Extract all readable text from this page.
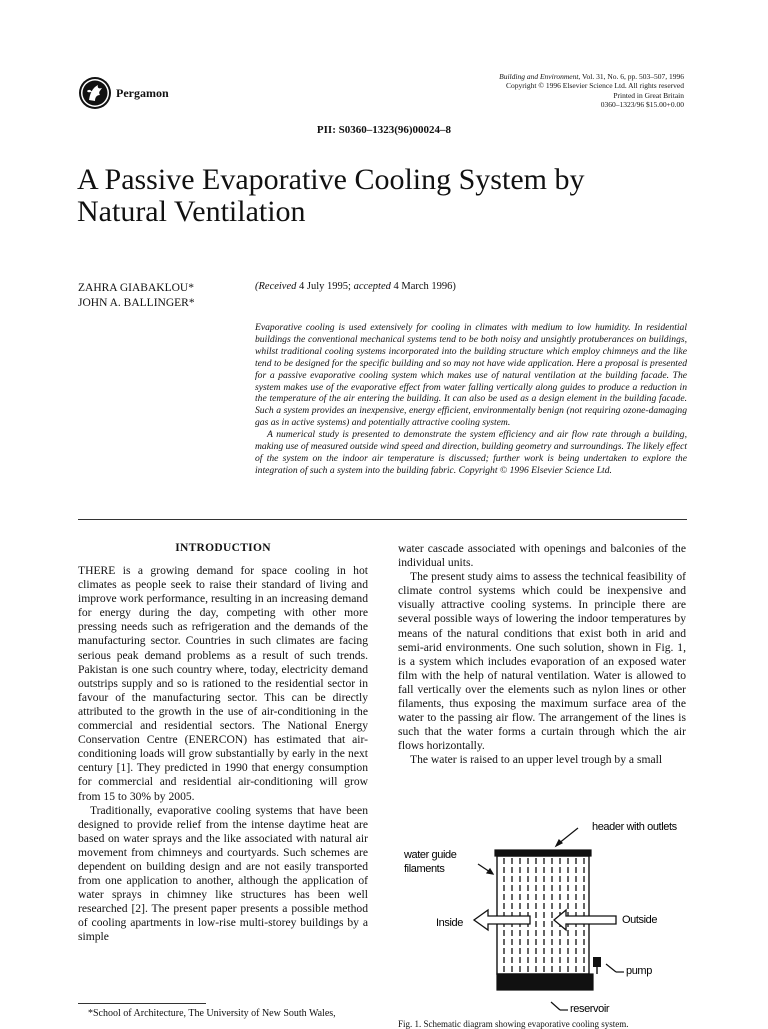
Pergamon
Building and Environment, Vol. 31, No. 6, pp. 503–507, 1996
Copyright © 1996 Elsevier Science Ltd. All rights reserved
Printed in Great Britain
0360–1323/96 $15.00+0.00
PII: S0360–1323(96)00024–8
A Passive Evaporative Cooling System by
Natural Ventilation
ZAHRA GIABAKLOU*
JOHN A. BALLINGER*
(Received 4 July 1995; accepted 4 March 1996)

Evaporative cooling is used extensively for cooling in climates with medium to low humidity. In residential buildings the conventional mechanical systems tend to be both noisy and unsightly protuberances on buildings, whilst traditional cooling systems incorporated into the building structure which employ chimneys and the like tend to be designed for the specific building and so may not have wide application. Here a proposal is presented for a passive evaporative cooling system which makes use of natural ventilation at the building facade. The system makes use of the evaporative effect from water falling vertically along guides to produce a reduction in the temperature of the air entering the building. It can also be used as a design element in the building facade. Such a system provides an inexpensive, energy efficient, environmentally benign (not requiring ozone-damaging gas as in active systems) and potentially attractive cooling system.

A numerical study is presented to demonstrate the system efficiency and air flow rate through a building, making use of measured outside wind speed and direction, building geometry and surroundings. The likely effect of the system on the indoor air temperature is discussed; further work is being undertaken to explore the integration of such a system into the building fabric. Copyright © 1996 Elsevier Science Ltd.

INTRODUCTION

THERE is a growing demand for space cooling in hot climates as people seek to raise their standard of living and improve work performance, resulting in an increasing demand for energy during the day, competing with other more pressing needs such as refrigeration and the demands of the manufacturing sector. Countries in such climates are facing serious peak demand problems as a result of such trends. Pakistan is one such country where, today, electricity demand outstrips supply and so is rationed to the residential sector in favour of the manufacturing sector. This can be directly attributed to the growth in the use of air-conditioning in the commercial and residential sectors. The National Energy Conservation Centre (ENERCON) has estimated that air-conditioning loads will grow substantially by early in the next century [1]. They predicted in 1990 that energy consumption for commercial and residential air-conditioning will grow from 15 to 30% by 2005.

Traditionally, evaporative cooling systems that have been designed to provide relief from the intense daytime heat are based on water sprays and the like associated with natural air movement from chimneys and courtyards. Such schemes are dependent on building design and are not easily transported from one application to another, although the application of water sprays in chimney like structures has been well researched [2]. The present paper presents a possible method of cooling apartments in low-rise multi-storey buildings by a simple

water cascade associated with openings and balconies of the individual units.

The present study aims to assess the technical feasibility of climate control systems which could be inexpensive and visually attractive cooling systems. In principle there are several possible ways of lowering the indoor temperatures by means of the natural conditions that exist both in arid and semi-arid environments. One such solution, shown in Fig. 1, is a system which includes evaporation of an exposed water film with the help of natural ventilation. Water is allowed to fall vertically over the elements such as nylon lines or other filaments, thus exposing the maximum surface area of the water to the passing air flow. The arrangement of the lines is such that the water forms a curtain through which the air flows horizontally.

The water is raised to an upper level trough by a small

*School of Architecture, The University of New South Wales,
header with outlets
water guide
filaments
Inside	Outside
pump
reservoir
Fig. 1. Schematic diagram showing evaporative cooling system.
